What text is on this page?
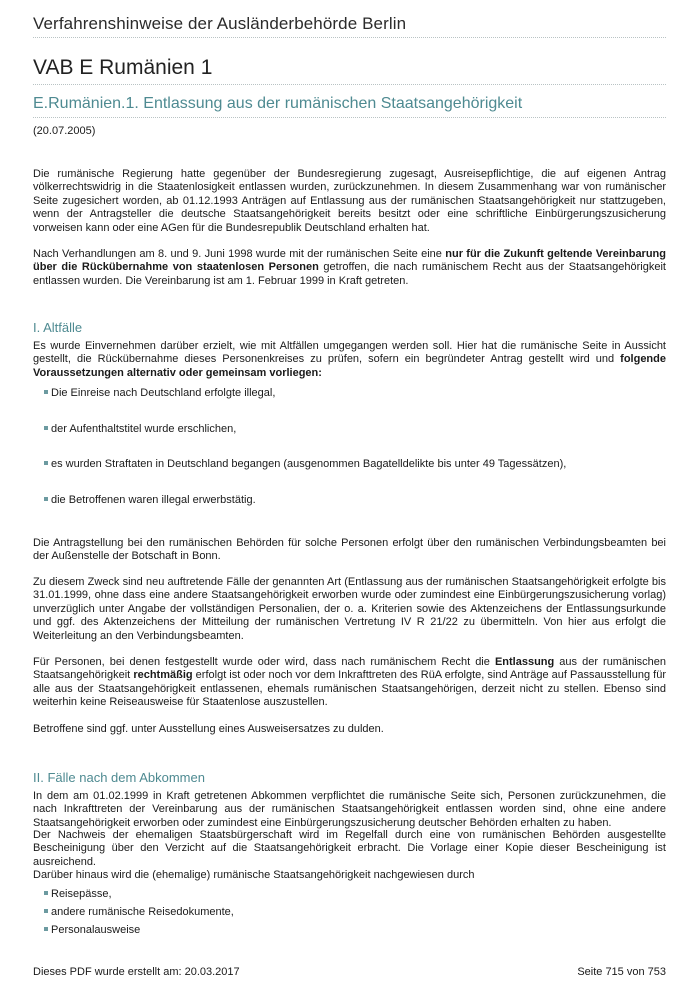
Verfahrenshinweise der Ausländerbehörde Berlin
VAB E Rumänien 1
E.Rumänien.1. Entlassung aus der rumänischen Staatsangehörigkeit
(20.07.2005)
Die rumänische Regierung hatte gegenüber der Bundesregierung zugesagt, Ausreisepflichtige, die auf eigenen Antrag völkerrechtswidrig in die Staatenlosigkeit entlassen wurden, zurückzunehmen. In diesem Zusammenhang war von rumänischer Seite zugesichert worden, ab 01.12.1993 Anträgen auf Entlassung aus der rumänischen Staatsangehörigkeit nur stattzugeben, wenn der Antragsteller die deutsche Staatsangehörigkeit bereits besitzt oder eine schriftliche Einbürgerungszusicherung vorweisen kann oder eine AGen für die Bundesrepublik Deutschland erhalten hat.
Nach Verhandlungen am 8. und 9. Juni 1998 wurde mit der rumänischen Seite eine nur für die Zukunft geltende Vereinbarung über die Rückübernahme von staatenlosen Personen getroffen, die nach rumänischem Recht aus der Staatsangehörigkeit entlassen wurden. Die Vereinbarung ist am 1. Februar 1999 in Kraft getreten.
I. Altfälle
Es wurde Einvernehmen darüber erzielt, wie mit Altfällen umgegangen werden soll. Hier hat die rumänische Seite in Aussicht gestellt, die Rückübernahme dieses Personenkreises zu prüfen, sofern ein begründeter Antrag gestellt wird und folgende Voraussetzungen alternativ oder gemeinsam vorliegen:
Die Einreise nach Deutschland erfolgte illegal,
der Aufenthaltstitel wurde erschlichen,
es wurden Straftaten in Deutschland begangen (ausgenommen Bagatelldelikte bis unter 49 Tagessätzen),
die Betroffenen waren illegal erwerbstätig.
Die Antragstellung bei den rumänischen Behörden für solche Personen erfolgt über den rumänischen Verbindungsbeamten bei der Außenstelle der Botschaft in Bonn.
Zu diesem Zweck sind neu auftretende Fälle der genannten Art (Entlassung aus der rumänischen Staatsangehörigkeit erfolgte bis 31.01.1999, ohne dass eine andere Staatsangehörigkeit erworben wurde oder zumindest eine Einbürgerungszusicherung vorlag) unverzüglich unter Angabe der vollständigen Personalien, der o. a. Kriterien sowie des Aktenzeichens der Entlassungsurkunde und ggf. des Aktenzeichens der Mitteilung der rumänischen Vertretung IV R 21/22 zu übermitteln. Von hier aus erfolgt die Weiterleitung an den Verbindungsbeamten.
Für Personen, bei denen festgestellt wurde oder wird, dass nach rumänischem Recht die Entlassung aus der rumänischen Staatsangehörigkeit rechtmäßig erfolgt ist oder noch vor dem Inkrafttreten des RüA erfolgte, sind Anträge auf Passausstellung für alle aus der Staatsangehörigkeit entlassenen, ehemals rumänischen Staatsangehörigen, derzeit nicht zu stellen. Ebenso sind weiterhin keine Reiseausweise für Staatenlose auszustellen.
Betroffene sind ggf. unter Ausstellung eines Ausweisersatzes zu dulden.
II. Fälle nach dem Abkommen
In dem am 01.02.1999 in Kraft getretenen Abkommen verpflichtet die rumänische Seite sich, Personen zurückzunehmen, die nach Inkrafttreten der Vereinbarung aus der rumänischen Staatsangehörigkeit entlassen worden sind, ohne eine andere Staatsangehörigkeit erworben oder zumindest eine Einbürgerungszusicherung deutscher Behörden erhalten zu haben.
Der Nachweis der ehemaligen Staatsbürgerschaft wird im Regelfall durch eine von rumänischen Behörden ausgestellte Bescheinigung über den Verzicht auf die Staatsangehörigkeit erbracht. Die Vorlage einer Kopie dieser Bescheinigung ist ausreichend.
Darüber hinaus wird die (ehemalige) rumänische Staatsangehörigkeit nachgewiesen durch
Reisepässe,
andere rumänische Reisedokumente,
Personalausweise
Dieses PDF wurde erstellt am: 20.03.2017	Seite 715 von 753
